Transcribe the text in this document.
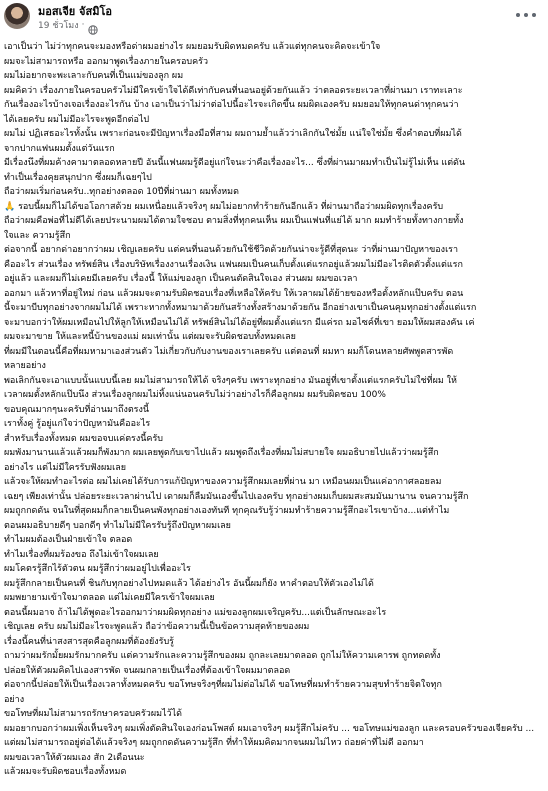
มอสเจีย จัสมิโอ
19 ชั่วโมง ·

เอาเป็นว่า ไม่ว่าทุกคนจะมองหรือด่าผมอย่างไร ผมยอมรับผิดหมดครับ แล้วแต่ทุกคนจะคิดจะเข้าใจ
ผมจะไม่สามารถหรือ ออกมาพูดเรื่องภายในครอบครัว

ผมไม่อยากจะพะเลาะกับคนที่เป็นแม่ของลูก ผม

ผมคิดว่า เรื่องภายในครอบครัวไม่มีใครเข้าใจได้ดีเท่ากับคนที่นอนอยู่ด้วยกันแล้ว ว่าตลอดระยะเวลาที่ผ่านมา เราทะเลาะ
กันเรื่องอะไรบ้างเจอเรื่องอะไรกัน บ้าง เอาเป็นว่าไม่ว่าต่อไปนี้อะไรจะเกิดขึ้น ผมผิดเองครับ ผมยอมให้ทุกคนด่าทุกคนว่า
ได้เลยครับ ผมไม่มีอะไรจะพูดอีกต่อไป

ผมไม่ ปฏิเสธอะไรทั้งนั้น เพราะก่อนจะมีปัญหาเรื่องมือที่สาม ผมถามย้ำแล้วว่าเลิกกันใช่มั้ย แน่ใจใช่มั้ย ซึ่งคำตอบที่ผมได้
จากปากแฟนผมตั้งแต่วันแรก

มีเรื่องนึงที่ผมค้างคามาตลอดหลายปี อันนี้แฟนผมรู้ดีอยู่แก่ใจนะว่าคือเรื่องอะไร... ซึ่งที่ผ่านมาผมทำเป็นไม่รู้ไม่เห็น แต่ดัน
ทำเป็นเรื่องคุยสนุกปาก ซึ่งผมก็เฉยๆไป

ถือว่าผมเริ่มก่อนครับ..ทุกอย่างตลอด 10ปีที่ผ่านมา ผมทั้งหมด

🙏 รอบนี้ผมก็ไม่ได้ขอโอกาสด้วย ผมเหนื่อยแล้วจริงๆ ผมไม่อยากทำร้ายกันอีกแล้ว ที่ผ่านมาถือว่าผมผิดทุกเรื่องครับ
ถือว่าผมคือพ่อที่ไม่ดีได้เลยประนามผมได้ตามใจชอบ ตามสิ่งที่ทุกคนเห็น ผมเป็นแฟนที่แย่ได้ มาก ผมทำร้ายทั้งทางกายทั้ง
ใจและ ความรู้สึก

ต่อจากนี้ อยากด่าอยากว่าผม เชิญเลยครับ แต่คนที่นอนด้วยกันใช้ชีวิตด้วยกันน่าจะรู้ดีที่สุดนะ ว่าที่ผ่านมาปัญหาของเรา
คืออะไร ส่วนเรื่อง ทรัพย์สิน เรื่องบริษัทเรื่องงานเรื่องเงิน แฟนผมเป็นคนเก็บตั้งแต่แรกอยู่แล้วผมไม่มีอะไรติดตัวตั้งแต่แรก
อยู่แล้ว และผมก็ไม่เคยมีเลยครับ เรื่องนี้ ให้แม่ของลูก เป็นคนตัดสินใจเอง ส่วนผม ผมขอเวลา

ออกมา แล้วหาที่อยู่ใหม่ ก่อน แล้วผมจะตามรับผิดชอบเรื่องที่เหลือให้ครับ ให้เวลาผมได้ย้ายของหรือตั้งหลักแป๊บครับ ตอน
นี้จะมาบีบทุกอย่างจากผมไม่ได้ เพราะหากทั้งหมามาด้วยกันสร้างทั้งสร้างมาด้วยกัน อีกอย่างเขาเป็นคนคุมทุกอย่างตั้งแต่แรก
จะมาบอกว่าให้ผมเหมือนไปให้ลูกให้เหมือนไม่ได้ ทรัพย์สินไม่ได้อยู่ที่ผมตั้งแต่แรก มีแค่รถ มอไซค์ที่เขา ยอมให้ผมสองคัน เค่
ผมจะมาขาย ให้และหนี้บ้านของแม่ ผมเท่านั้น แต่ผมจะรับผิดชอบทั้งหมดเลย

ที่ผมมีในตอนนี้คือที่ผมหามาเองส่วนตัว ไม่เกี่ยวกับกับงานของเราเลยครับ แต่ตอนที่ ผมหา ผมก็โดนหลายศัพพูดสารพัด
หลายอย่าง

พอเลิกกันจะเอาแบบนั้นแบบนี้เลย ผมไม่สามารถให้ได้ จริงๆครับ เพราะทุกอย่าง มันอยู่ที่เขาตั้งแต่แรกครับไม่ใช่ที่ผม ให้
เวลาผมตั้งหลักแป๊บนึง ส่วนเรื่องลูกผมไม่ทิ้งแน่นอนครับไม่ว่าอย่างไรก็คือลูกผม ผมรับผิดชอบ 100%

ขอบคุณมากๆนะครับที่อ่านมาถึงตรงนี้

เราทั้งคู่ รู้อยู่แก่ใจว่าปัญหามันคืออะไร

สำหรับเรื่องทั้งหมด ผมขอจบแค่ตรงนี้ครับ

ผมพังมานานแล้วแล้วผมก็พังมาก ผมเลยพูดกับเขาไปแล้ว ผมพูดถึงเรื่องที่ผมไม่สบายใจ ผมอธิบายไปแล้วว่าผมรู้สึก
อย่างไร แต่ไม่มีใครรับฟังผมเลย

แล้วจะให้ผมทำอะไรต่อ ผมไม่เคยได้รับการแก้ปัญหาของความรู้สึกผมเลยที่ผ่าน มา เหมือนผมเป็นแค่อากาศลอยลม
เฉยๆ เพียงเท่านั้น ปล่อยระยะเวลาผ่านไป เดาผมก็ลืมมันเองขึ้นไปเองครับ ทุกอย่างผมเก็บผมสะสมมันมานาน จนความรู้สึก
ผมถูกกดดัน จนในที่สุดผมก็กลายเป็นคนพังทุกอย่างเองทันที ทุกคุณรับรู้ว่าผมทำร้ายความรู้สึกอะไรเขาบ้าง...แต่ทำไม
ตอนผมอธิบายดีๆ บอกดีๆ ทำไมไม่มีใครรับรู้ถึงปัญหาผมเลย

ทำไมผมต้องเป็นฝ่ายเข้าใจ ตลอด

ทำไมเรื่องที่ผมร้องขอ ถึงไม่เข้าใจผมเลย

ผมโคตรรู้สึกไร้ตัวตน ผมรู้สึกว่าผมอยู่ไปเพื่ออะไร

ผมรู้สึกกลายเป็นคนที่ ชินกับทุกอย่างไปหมดแล้ว ได้อย่างไร อันนี้ผมก็ยัง หาคำตอบให้ตัวเองไม่ได้

ผมพยายามเข้าใจมาตลอด แต่ไม่เคยมีใครเข้าใจผมเลย
ตอนนี้ผมอาจ ถ้าไม่ได้พูดอะไรออกมาว่าผมผิดทุกอย่าง แม่ของลูกผมเจริญครับ...แต่เป็นลักษณะอะไร
เชิญเลย ครับ ผมไม่มีอะไรจะพูดแล้ว ถือว่าข้อความนี้เป็นข้อความสุดท้ายของผม

เรื่องนี้คนที่น่าสงสารสุดคือลูกผมที่ต้องยังรับรู้

ถามว่าผมรักมั้ยผมรักมากครับ แต่ความรักและความรู้สึกของผม ถูกละเลยมาตลอด ถูกไม่ให้ความเคารพ ถูกทดดทั้ง
ปล่อยให้ตัวผมคิดไปเองสารพัด จนผมกลายเป็นเรื่องที่ต้องเข้าใจผมมาตลอด

ต่อจากนี้ปล่อยให้เป็นเรื่องเวลาทั้งหมดครับ ขอโทษจริงๆที่ผมไม่ต่อไม่ได้ ขอโทษที่ผมทำร้ายความสุขทำร้ายจิตใจทุก
อย่าง

ขอโทษที่ผมไม่สามารถรักษาครอบครัวผมไว้ได้

ผมอยากบอกว่าผมเพิ่งเห็นจริงๆ ผมเพิ่งตัดสินใจเองก่อนโพสต์ ผมเอาจริงๆ ผมรู้สึกไม่ครับ ... ขอโทษแม่ของลูก และครอบครัวของเจียครับ ...
แต่ผมไม่สามารถอยู่ต่อได้แล้วจริงๆ ผมถูกกดดันความรู้สึก ที่ทำให้ผมคิดมากจนผมไม่ไหว ถ่อยค่าที่ไม่ดี ออกมา

ผมขอเวลาให้ตัวผมเอง สัก 2เดือนนะ

แล้วผมจะรับผิดชอบเรื่องทั้งหมด
